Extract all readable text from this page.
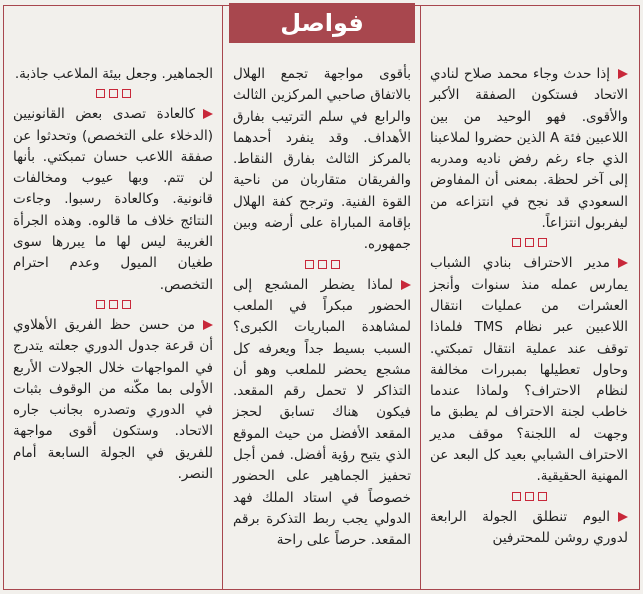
فواصل

إذا حدث وجاء محمد صلاح لنادي الاتحاد فستكون الصفقة الأكبر والأقوى. فهو الوحيد من بين اللاعبين فئة A الذين حضروا لملاعبنا الذي جاء رغم رفض ناديه ومدربه إلى آخر لحظة. بمعنى أن المفاوض السعودي قد نجح في انتزاعه من ليفربول انتزاعاً.

مدير الاحتراف بنادي الشباب يمارس عمله منذ سنوات وأنجز العشرات من عمليات انتقال اللاعبين عبر نظام TMS فلماذا توقف عند عملية انتقال تمبكتي. وحاول تعطيلها بمبررات مخالفة لنظام الاحتراف؟ ولماذا عندما خاطب لجنة الاحتراف لم يطبق ما وجهت له اللجنة؟ موقف مدير الاحتراف الشبابي بعيد كل البعد عن المهنية الحقيقية.

اليوم تنطلق الجولة الرابعة لدوري روشن للمحترفين

بأقوى مواجهة تجمع الهلال بالاتفاق صاحبي المركزين الثالث والرابع في سلم الترتيب بفارق الأهداف. وقد ينفرد أحدهما بالمركز الثالث بفارق النقاط. والفريقان متقاربان من ناحية القوة الفنية. وترجح كفة الهلال بإقامة المباراة على أرضه وبين جمهوره.

لماذا يضطر المشجع إلى الحضور مبكراً في الملعب لمشاهدة المباريات الكبرى؟ السبب بسيط جداً ويعرفه كل مشجع يحضر للملعب وهو أن التذاكر لا تحمل رقم المقعد. فيكون هناك تسابق لحجز المقعد الأفضل من حيث الموقع الذي يتيح رؤية أفضل. فمن أجل تحفيز الجماهير على الحضور خصوصاً في استاد الملك فهد الدولي يجب ربط التذكرة برقم المقعد. حرصاً على راحة

الجماهير. وجعل بيئة الملاعب جاذبة.

كالعادة تصدى بعض القانونيين (الدخلاء على التخصص) وتحدثوا عن صفقة اللاعب حسان تمبكتي. بأنها لن تتم. وبها عيوب ومخالفات قانونية. وكالعادة رسبوا. وجاءت النتائج خلاف ما قالوه. وهذه الجرأة الغريبة ليس لها ما يبررها سوى طغيان الميول وعدم احترام التخصص.

من حسن حظ الفريق الأهلاوي أن قرعة جدول الدوري جعلته يتدرج في المواجهات خلال الجولات الأربع الأولى بما مكّنه من الوقوف بثبات في الدوري وتصدره بجانب جاره الاتحاد. وستكون أقوى مواجهة للفريق في الجولة السابعة أمام النصر.
